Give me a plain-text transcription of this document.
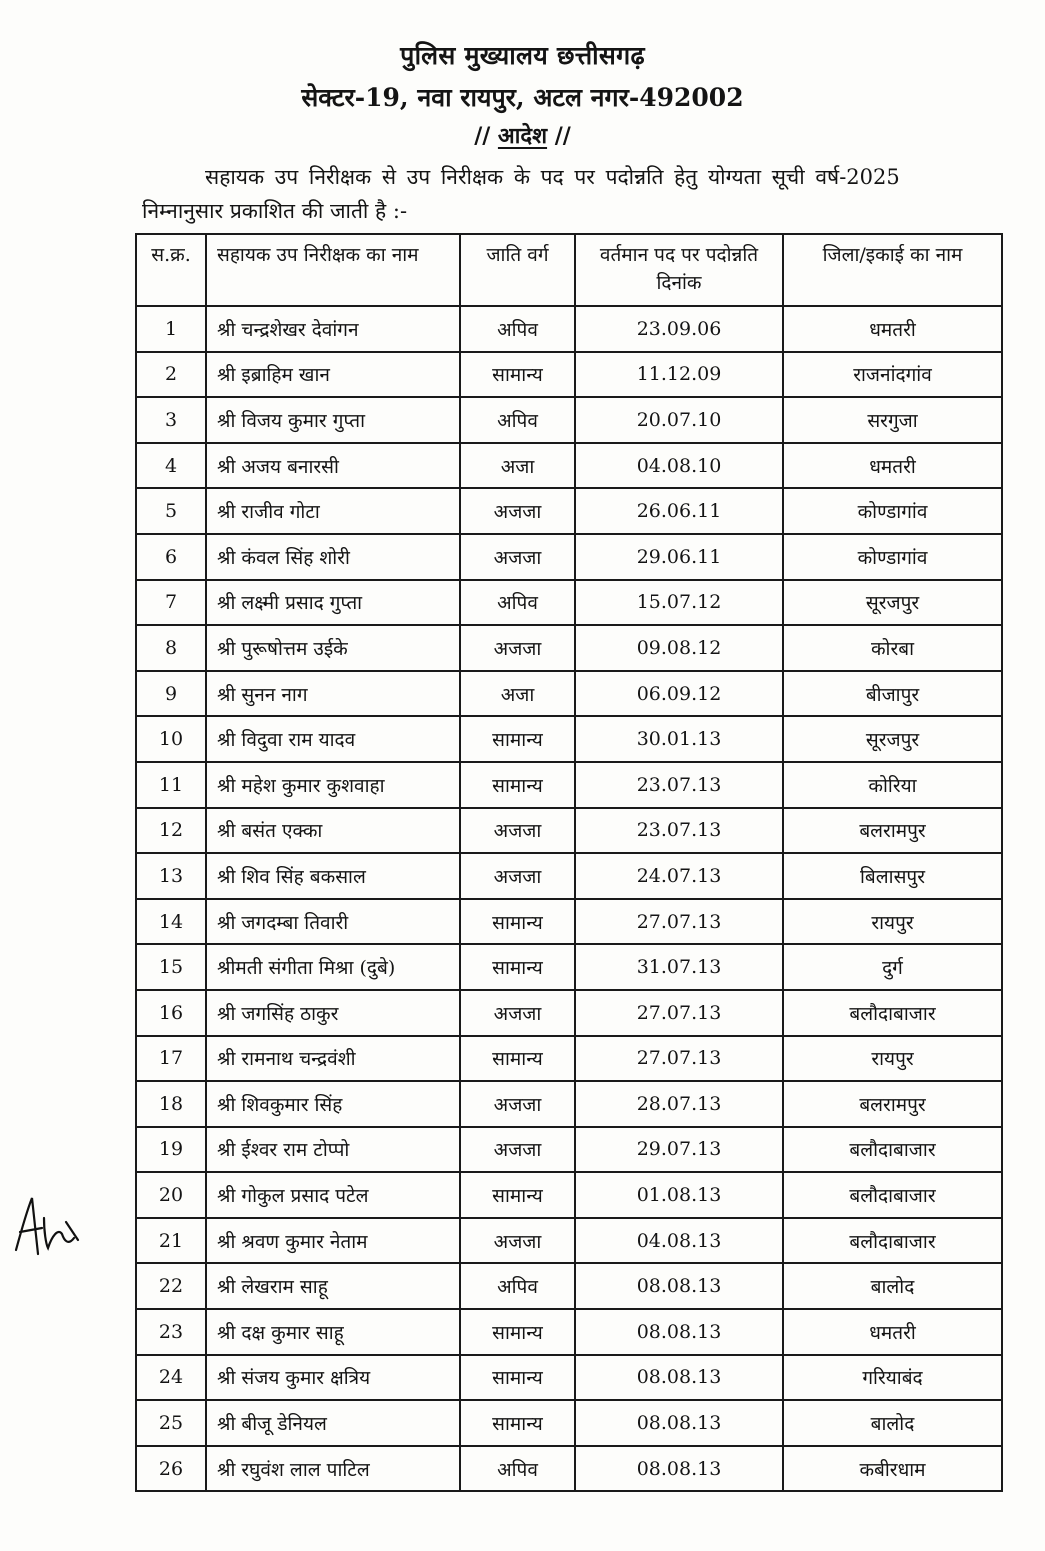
पुलिस मुख्यालय छत्तीसगढ़
सेक्टर-19, नवा रायपुर, अटल नगर-492002
// आदेश //
सहायक उप निरीक्षक से उप निरीक्षक के पद पर पदोन्नति हेतु योग्यता सूची वर्ष-2025
निम्नानुसार प्रकाशित की जाती है :-
स.क्र.	सहायक उप निरीक्षक का नाम	जाति वर्ग	वर्तमान पद पर पदोन्नति दिनांक	जिला/इकाई का नाम
1	श्री चन्द्रशेखर देवांगन	अपिव	23.09.06	धमतरी
2	श्री इब्राहिम खान	सामान्य	11.12.09	राजनांदगांव
3	श्री विजय कुमार गुप्ता	अपिव	20.07.10	सरगुजा
4	श्री अजय बनारसी	अजा	04.08.10	धमतरी
5	श्री राजीव गोटा	अजजा	26.06.11	कोण्डागांव
6	श्री कंवल सिंह शोरी	अजजा	29.06.11	कोण्डागांव
7	श्री लक्ष्मी प्रसाद गुप्ता	अपिव	15.07.12	सूरजपुर
8	श्री पुरूषोत्तम उईके	अजजा	09.08.12	कोरबा
9	श्री सुनन नाग	अजा	06.09.12	बीजापुर
10	श्री विदुवा राम यादव	सामान्य	30.01.13	सूरजपुर
11	श्री महेश कुमार कुशवाहा	सामान्य	23.07.13	कोरिया
12	श्री बसंत एक्का	अजजा	23.07.13	बलरामपुर
13	श्री शिव सिंह बकसाल	अजजा	24.07.13	बिलासपुर
14	श्री जगदम्बा तिवारी	सामान्य	27.07.13	रायपुर
15	श्रीमती संगीता मिश्रा (दुबे)	सामान्य	31.07.13	दुर्ग
16	श्री जगसिंह ठाकुर	अजजा	27.07.13	बलौदाबाजार
17	श्री रामनाथ चन्द्रवंशी	सामान्य	27.07.13	रायपुर
18	श्री शिवकुमार सिंह	अजजा	28.07.13	बलरामपुर
19	श्री ईश्वर राम टोप्पो	अजजा	29.07.13	बलौदाबाजार
20	श्री गोकुल प्रसाद पटेल	सामान्य	01.08.13	बलौदाबाजार
21	श्री श्रवण कुमार नेताम	अजजा	04.08.13	बलौदाबाजार
22	श्री लेखराम साहू	अपिव	08.08.13	बालोद
23	श्री दक्ष कुमार साहू	सामान्य	08.08.13	धमतरी
24	श्री संजय कुमार क्षत्रिय	सामान्य	08.08.13	गरियाबंद
25	श्री बीजू डेनियल	सामान्य	08.08.13	बालोद
26	श्री रघुवंश लाल पाटिल	अपिव	08.08.13	कबीरधाम
